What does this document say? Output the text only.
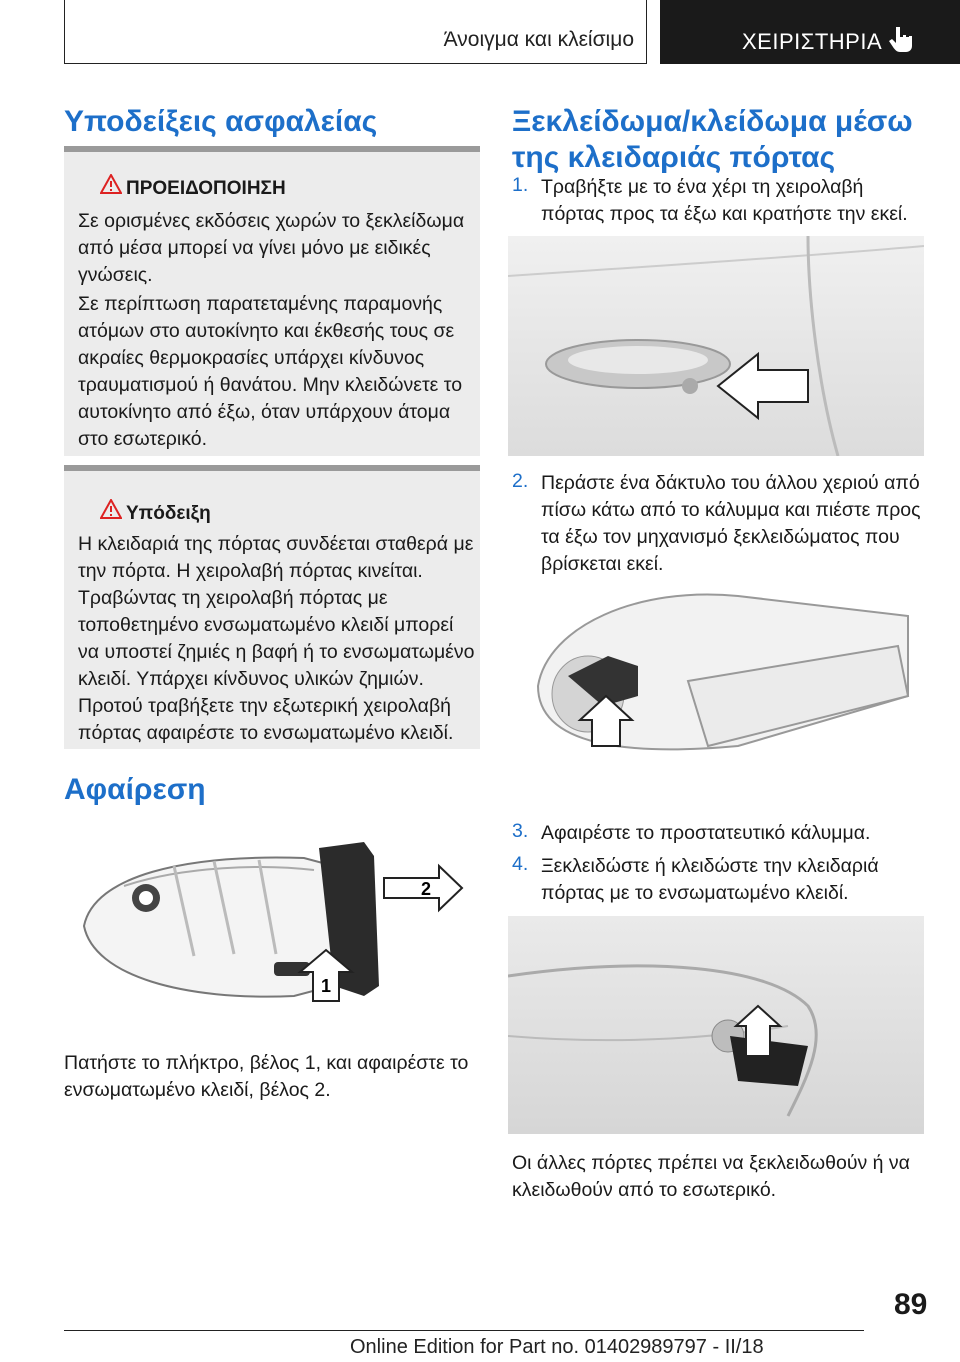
Άνοιγμα και κλείσιμο	ΧΕΙΡΙΣΤΗΡΙΑ
Υποδείξεις ασφαλείας
ΠΡΟΕΙΔΟΠΟΙΗΣΗ

Σε ορισμένες εκδόσεις χωρών το ξεκλείδωμα από μέσα μπορεί να γίνει μόνο με ειδικές γνώσεις.

Σε περίπτωση παρατεταμένης παραμονής ατόμων στο αυτοκίνητο και έκθεσής τους σε ακραίες θερμοκρασίες υπάρχει κίνδυνος τραυματισμού ή θανάτου. Μην κλειδώνετε το αυτοκίνητο από έξω, όταν υπάρχουν άτομα στο εσωτερικό.

Υπόδειξη

Η κλειδαριά της πόρτας συνδέεται σταθερά με την πόρτα. Η χειρολαβή πόρτας κινείται. Τραβώντας τη χειρολαβή πόρτας με τοποθετημένο ενσωματωμένο κλειδί μπορεί να υποστεί ζημιές η βαφή ή το ενσωματωμένο κλειδί. Υπάρχει κίνδυνος υλικών ζημιών. Προτού τραβήξετε την εξωτερική χειρολαβή πόρτας αφαιρέστε το ενσωματωμένο κλειδί.

Αφαίρεση
1
2

Πατήστε το πλήκτρο, βέλος 1, και αφαιρέστε το ενσωματωμένο κλειδί, βέλος 2.

Ξεκλείδωμα/κλείδωμα μέσω της κλειδαριάς πόρτας
1. Τραβήξτε με το ένα χέρι τη χειρολαβή πόρτας προς τα έξω και κρατήστε την εκεί.

2. Περάστε ένα δάκτυλο του άλλου χεριού από πίσω κάτω από το κάλυμμα και πιέστε προς τα έξω τον μηχανισμό ξεκλειδώματος που βρίσκεται εκεί.

3. Αφαιρέστε το προστατευτικό κάλυμμα.

4. Ξεκλειδώστε ή κλειδώστε την κλειδαριά πόρτας με το ενσωματωμένο κλειδί.

Οι άλλες πόρτες πρέπει να ξεκλειδωθούν ή να κλειδωθούν από το εσωτερικό.

89
Online Edition for Part no. 01402989797 - II/18
